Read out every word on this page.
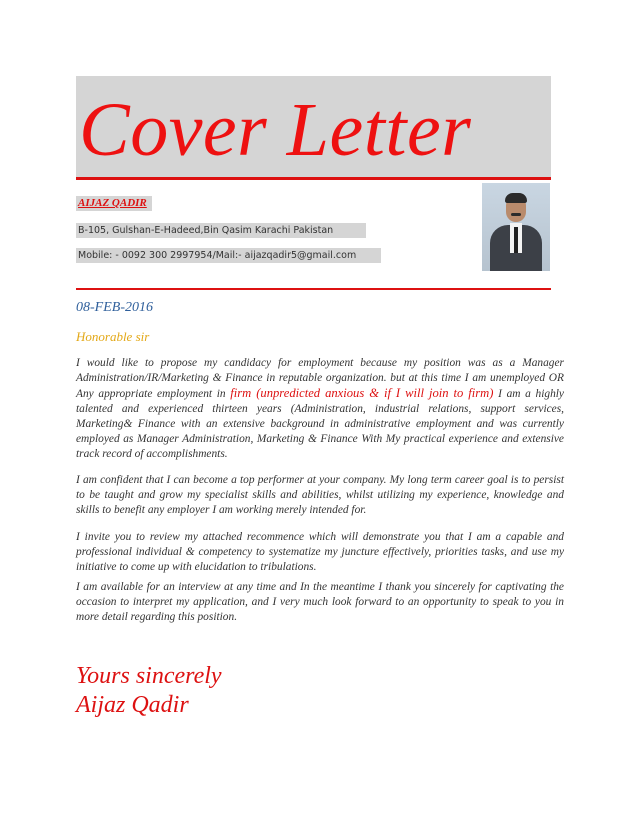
Cover Letter
AIJAZ QADIR
B-105, Gulshan-E-Hadeed,Bin Qasim Karachi Pakistan
Mobile: - 0092 300 2997954/Mail:- aijazqadir5@gmail.com
08-FEB-2016
Honorable sir
I would like to propose my candidacy for employment because my position was as a Manager Administration/IR/Marketing & Finance in reputable organization. but at this time I am unemployed OR Any appropriate employment in firm (unpredicted anxious & if I will join to firm) I am a highly talented and experienced thirteen years (Administration, industrial relations, support services, Marketing& Finance with an extensive background in administrative employment and was currently employed as Manager Administration, Marketing & Finance With My practical experience and extensive track record of accomplishments.
I am confident that I can become a top performer at your company. My long term career goal is to persist to be taught and grow my specialist skills and abilities, whilst utilizing my experience, knowledge and skills to benefit any employer I am working merely intended for.
I invite you to review my attached recommence which will demonstrate you that I am a capable and professional individual & competency to systematize my juncture effectively, priorities tasks, and use my initiative to come up with elucidation to tribulations.
I am available for an interview at any time and In the meantime I thank you sincerely for captivating the occasion to interpret my application, and I very much look forward to an opportunity to speak to you in more detail regarding this position.
Yours sincerely
Aijaz Qadir
